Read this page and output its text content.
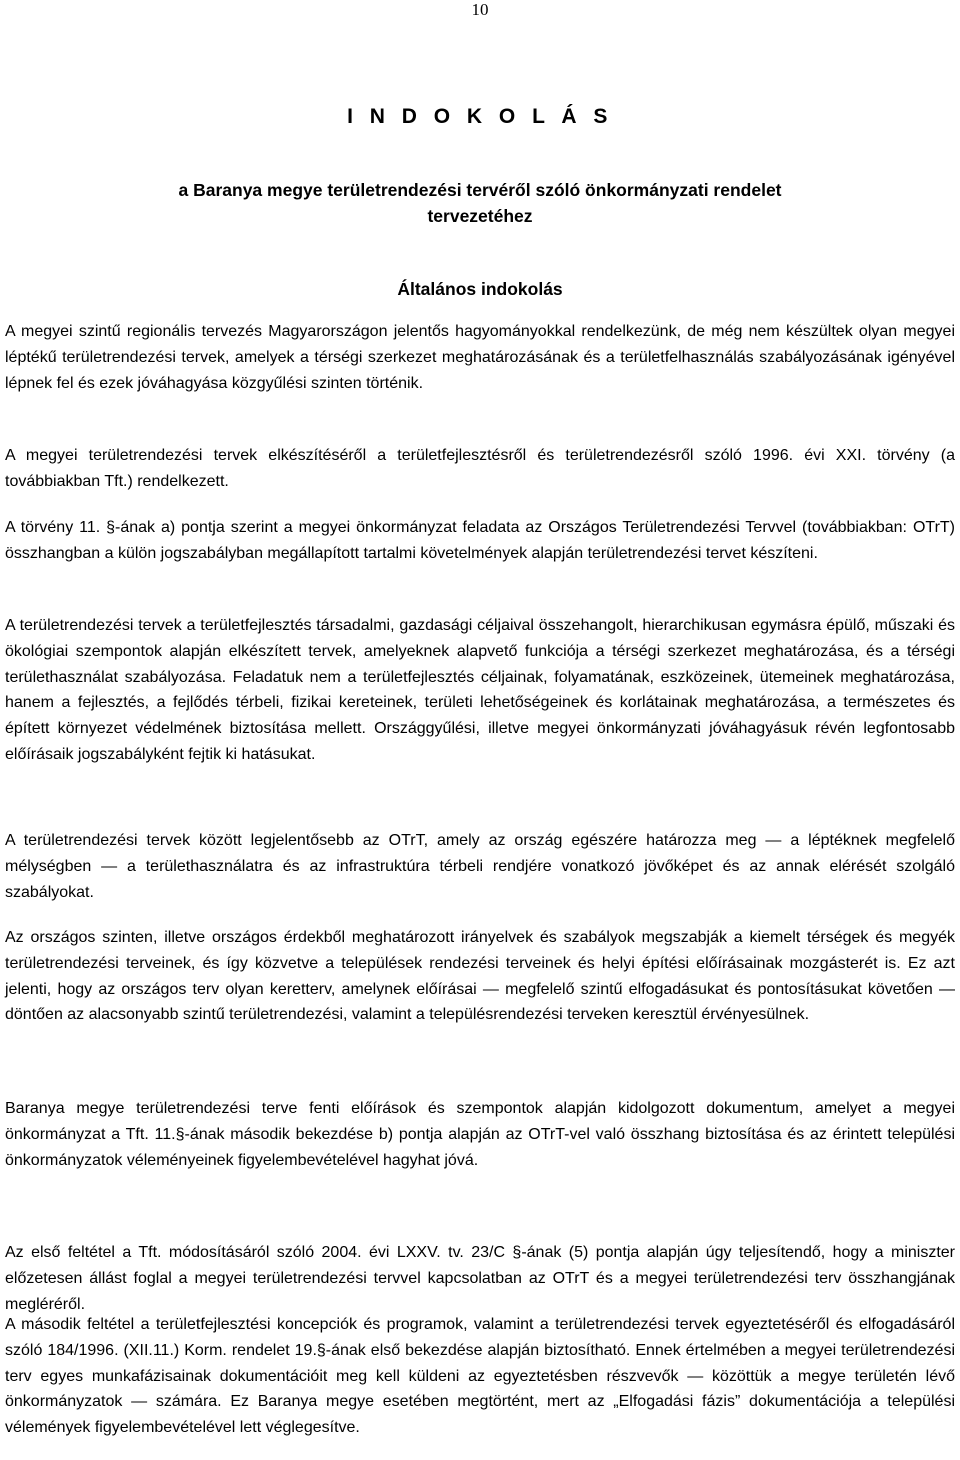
10
I N D O K O L Á S
a Baranya megye területrendezési tervéről szóló önkormányzati rendelet
tervezetéhez
Általános indokolás

A megyei szintű regionális tervezés Magyarországon jelentős hagyományokkal rendelkezünk, de még nem készültek olyan megyei léptékű területrendezési tervek, amelyek a térségi szerkezet meghatározásának és a területfelhasználás szabályozásának igényével lépnek fel és ezek jóváhagyása közgyűlési szinten történik.

A megyei területrendezési tervek elkészítéséről a területfejlesztésről és területrendezésről szóló 1996. évi XXI. törvény (a továbbiakban Tft.) rendelkezett.

A törvény 11. §-ának a) pontja szerint a megyei önkormányzat feladata az Országos Területrendezési Tervvel (továbbiakban: OTrT) összhangban a külön jogszabályban megállapított tartalmi követelmények alapján területrendezési tervet készíteni.

A területrendezési tervek a területfejlesztés társadalmi, gazdasági céljaival összehangolt, hierarchikusan egymásra épülő, műszaki és ökológiai szempontok alapján elkészített tervek, amelyeknek alapvető funkciója a térségi szerkezet meghatározása, és a térségi területhasználat szabályozása. Feladatuk nem a területfejlesztés céljainak, folyamatának, eszközeinek, ütemeinek meghatározása, hanem a fejlesztés, a fejlődés térbeli, fizikai kereteinek, területi lehetőségeinek és korlátainak meghatározása, a természetes és épített környezet védelmének biztosítása mellett. Országgyűlési, illetve megyei önkormányzati jóváhagyásuk révén legfontosabb előírásaik jogszabályként fejtik ki hatásukat.

A területrendezési tervek között legjelentősebb az OTrT, amely az ország egészére határozza meg — a léptéknek megfelelő mélységben — a területhasználatra és az infrastruktúra térbeli rendjére vonatkozó jövőképet és az annak elérését szolgáló szabályokat.

Az országos szinten, illetve országos érdekből meghatározott irányelvek és szabályok megszabják a kiemelt térségek és megyék területrendezési terveinek, és így közvetve a települések rendezési terveinek és helyi építési előírásainak mozgásterét is. Ez azt jelenti, hogy az országos terv olyan keretterv, amelynek előírásai — megfelelő szintű elfogadásukat és pontosításukat követően — döntően az alacsonyabb szintű területrendezési, valamint a településrendezési terveken keresztül érvényesülnek.

Baranya megye területrendezési terve fenti előírások és szempontok alapján kidolgozott dokumentum, amelyet a megyei önkormányzat a Tft. 11.§-ának második bekezdése b) pontja alapján az OTrT-vel való összhang biztosítása és az érintett települési önkormányzatok véleményeinek figyelembevételével hagyhat jóvá.

Az első feltétel a Tft. módosításáról szóló 2004. évi LXXV. tv. 23/C §-ának (5) pontja alapján úgy teljesítendő, hogy a miniszter előzetesen állást foglal a megyei területrendezési tervvel kapcsolatban az OTrT és a megyei területrendezési terv összhangjának megléréről.

A második feltétel a területfejlesztési koncepciók és programok, valamint a területrendezési tervek egyeztetéséről és elfogadásáról szóló 184/1996. (XII.11.) Korm. rendelet 19.§-ának első bekezdése alapján biztosítható. Ennek értelmében a megyei területrendezési terv egyes munkafázisainak dokumentációit meg kell küldeni az egyeztetésben részvevők — közöttük a megye területén lévő önkormányzatok — számára. Ez Baranya megye esetében megtörtént, mert az „Elfogadási fázis” dokumentációja a települési vélemények figyelembevételével lett véglegesítve.
